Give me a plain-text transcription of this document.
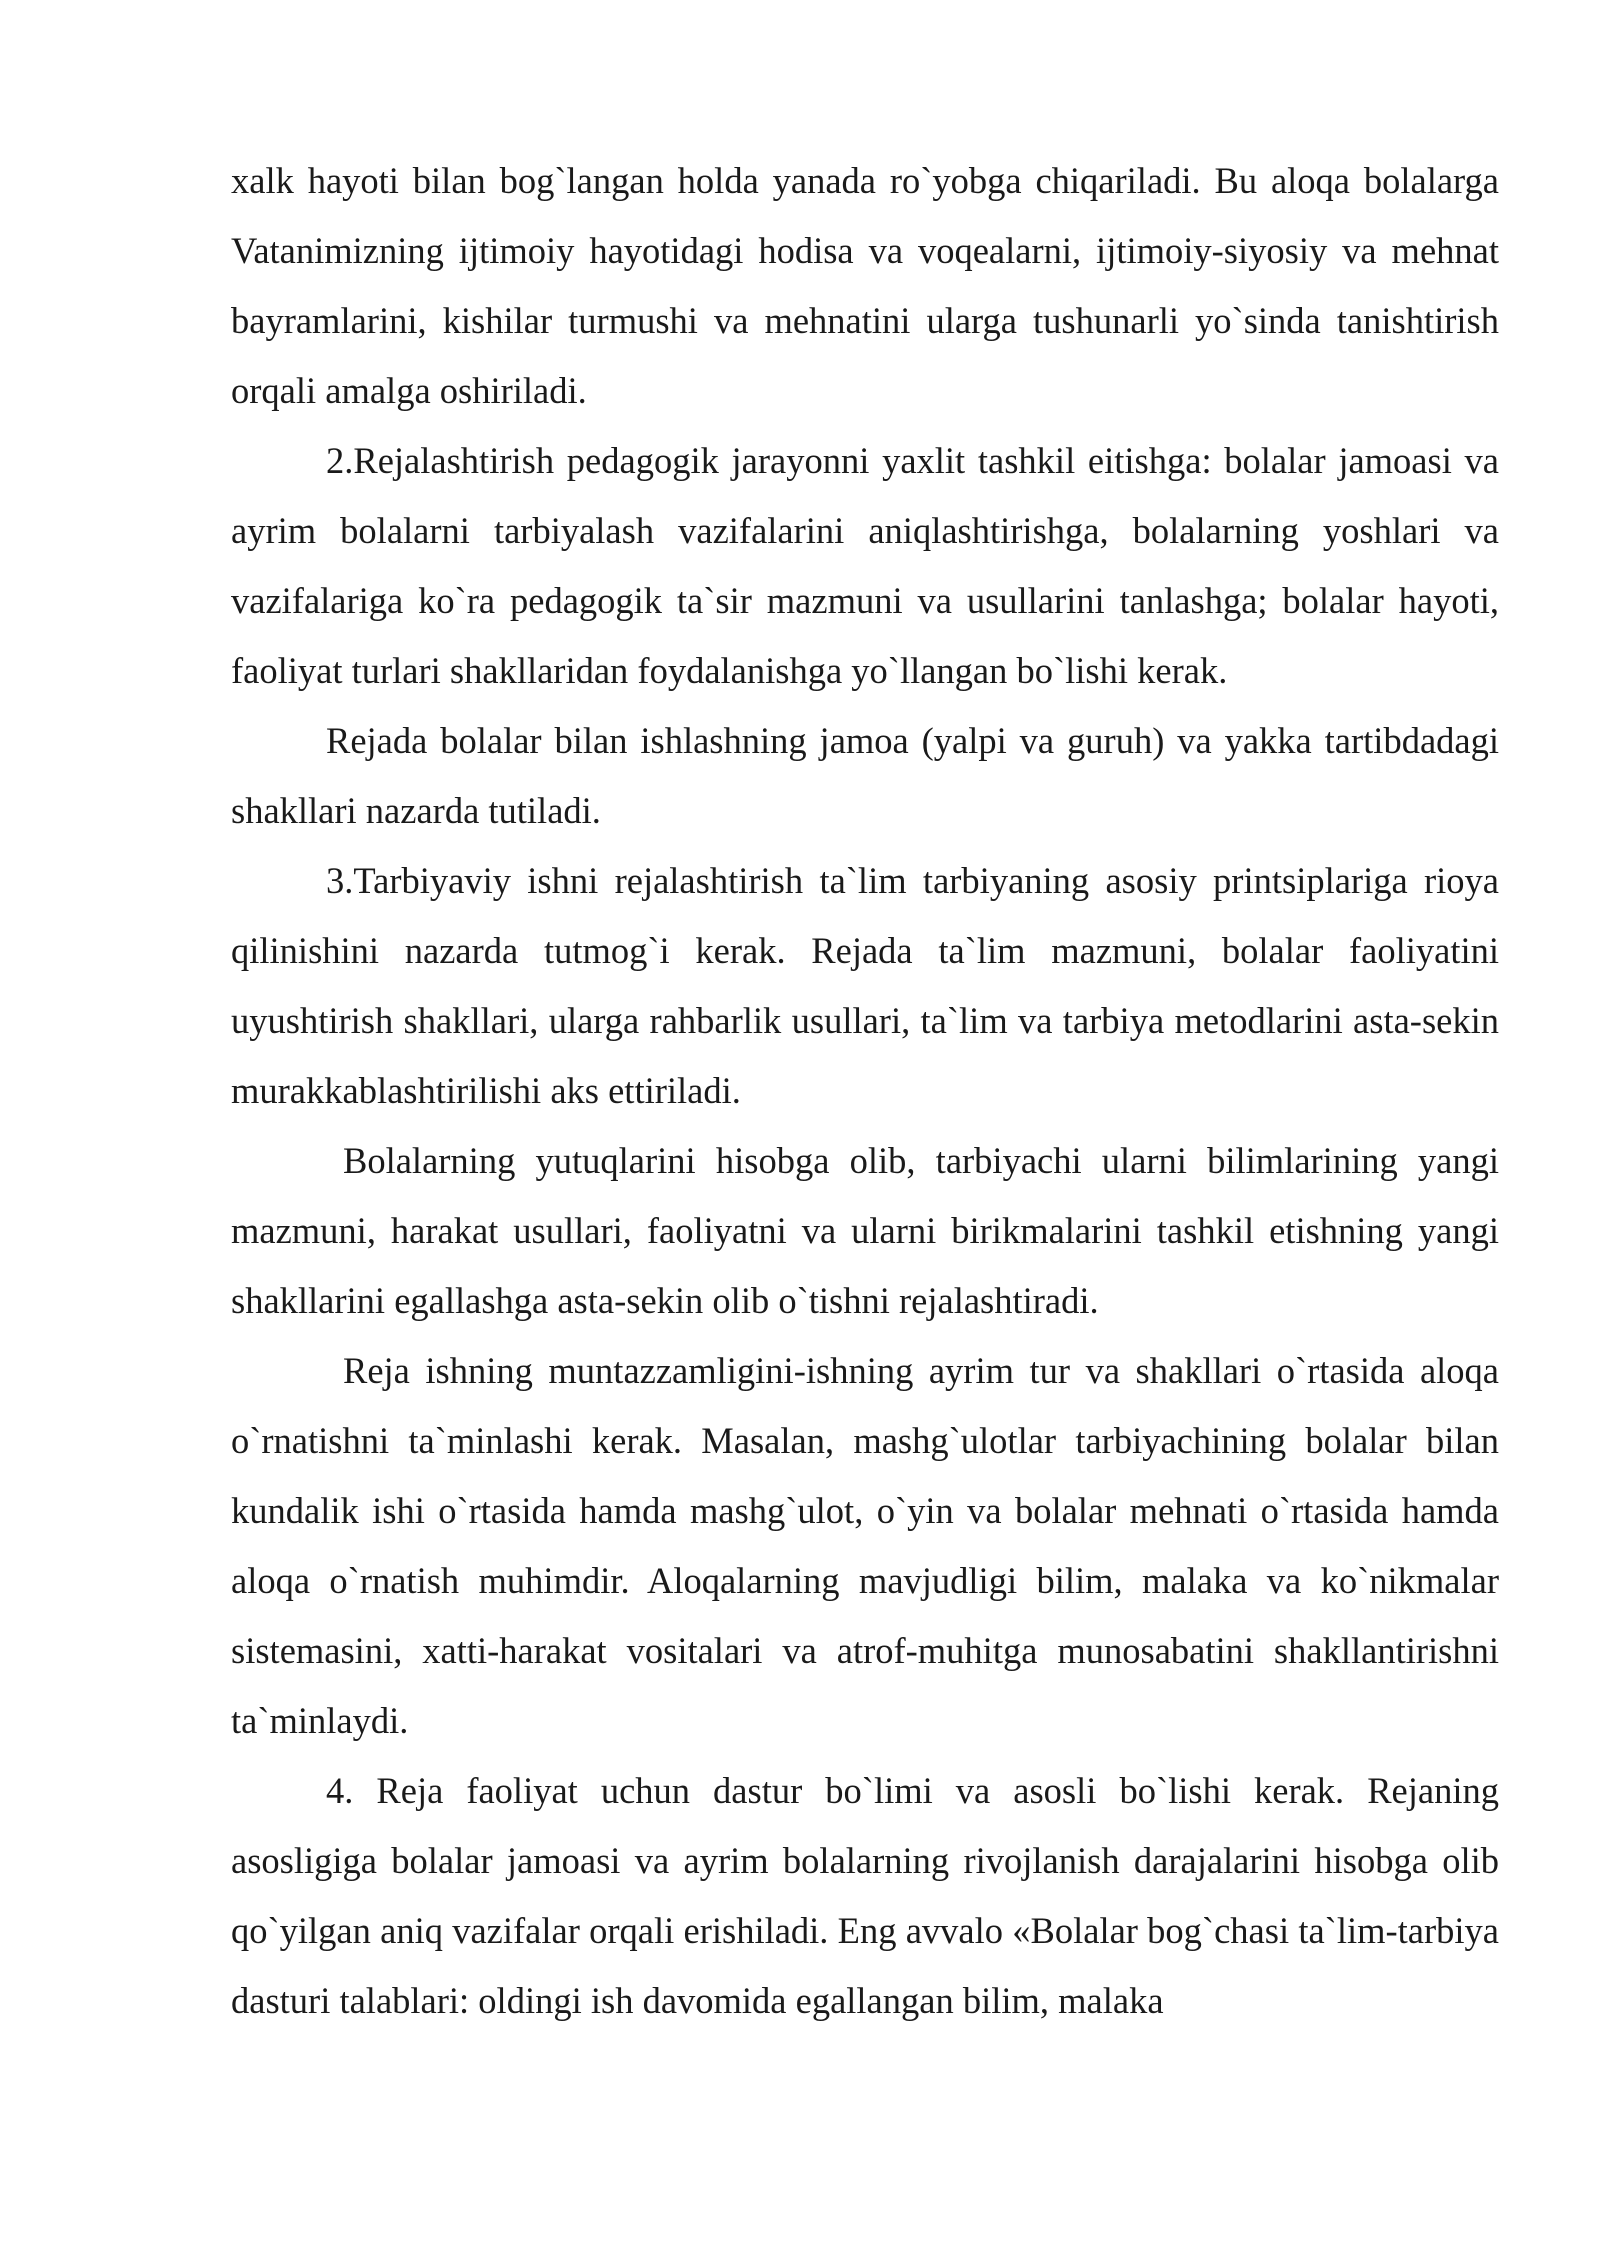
xalk hayoti bilan bog`langan holda yanada ro`yobga chiqariladi. Bu aloqa bolalarga Vatanimizning ijtimoiy hayotidagi hodisa va voqealarni, ijtimoiy-siyosiy va mehnat bayramlarini, kishilar turmushi va mehnatini ularga tushunarli yo`sinda tanishtirish orqali amalga oshiriladi.

2.Rejalashtirish pedagogik jarayonni yaxlit tashkil eitishga: bolalar jamoasi va ayrim bolalarni tarbiyalash vazifalarini aniqlashtirishga, bolalarning yoshlari va vazifalariga ko`ra pedagogik ta`sir mazmuni va usullarini tanlashga; bolalar hayoti, faoliyat turlari shakllaridan foydalanishga yo`llangan bo`lishi kerak.

Rejada bolalar bilan ishlashning jamoa (yalpi va guruh) va yakka tartibdadagi shakllari nazarda tutiladi.

3.Tarbiyaviy ishni rejalashtirish ta`lim tarbiyaning asosiy printsiplariga rioya qilinishini nazarda tutmog`i kerak. Rejada ta`lim mazmuni, bolalar faoliyatini uyushtirish shakllari, ularga rahbarlik usullari, ta`lim va tarbiya metodlarini asta-sekin murakkablashtirilishi aks ettiriladi.

Bolalarning yutuqlarini hisobga olib, tarbiyachi ularni bilimlarining yangi mazmuni, harakat usullari, faoliyatni va ularni birikmalarini tashkil etishning yangi shakllarini egallashga asta-sekin olib o`tishni rejalashtiradi.

Reja ishning muntazzamligini-ishning ayrim tur va shakllari o`rtasida aloqa o`rnatishni ta`minlashi kerak. Masalan, mashg`ulotlar tarbiyachining bolalar bilan kundalik ishi o`rtasida hamda mashg`ulot, o`yin va bolalar mehnati o`rtasida hamda aloqa o`rnatish muhimdir. Aloqalarning mavjudligi bilim, malaka va ko`nikmalar sistemasini, xatti-harakat vositalari va atrof-muhitga munosabatini shakllantirishni ta`minlaydi.

4. Reja faoliyat uchun dastur bo`limi va asosli bo`lishi kerak. Rejaning asosligiga bolalar jamoasi va ayrim bolalarning rivojlanish darajalarini hisobga olib qo`yilgan aniq vazifalar orqali erishiladi. Eng avvalo «Bolalar bog`chasi ta`lim-tarbiya dasturi talablari: oldingi ish davomida egallangan bilim, malaka
